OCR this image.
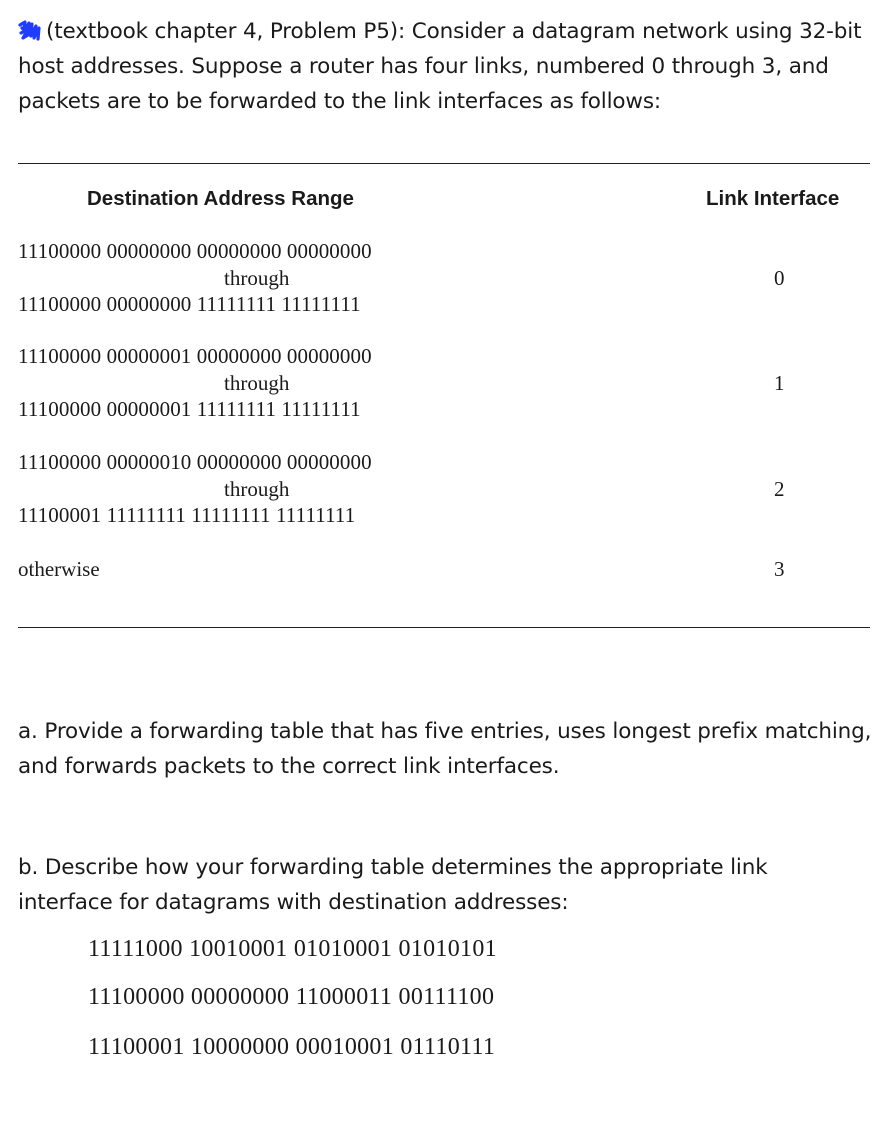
(textbook chapter 4, Problem P5): Consider a datagram network using 32-bit
host addresses. Suppose a router has four links, numbered 0 through 3, and
packets are to be forwarded to the link interfaces as follows:
Destination Address Range	Link Interface
11100000 00000000 00000000 00000000
through
11100000 00000000 11111111 11111111
0
11100000 00000001 00000000 00000000
through
11100000 00000001 11111111 11111111
1
11100000 00000010 00000000 00000000
through
11100001 11111111 11111111 11111111
2
otherwise	3
a. Provide a forwarding table that has five entries, uses longest prefix matching,
and forwards packets to the correct link interfaces.
b. Describe how your forwarding table determines the appropriate link
interface for datagrams with destination addresses:
11111000 10010001 01010001 01010101
11100000 00000000 11000011 00111100
11100001 10000000 00010001 01110111
